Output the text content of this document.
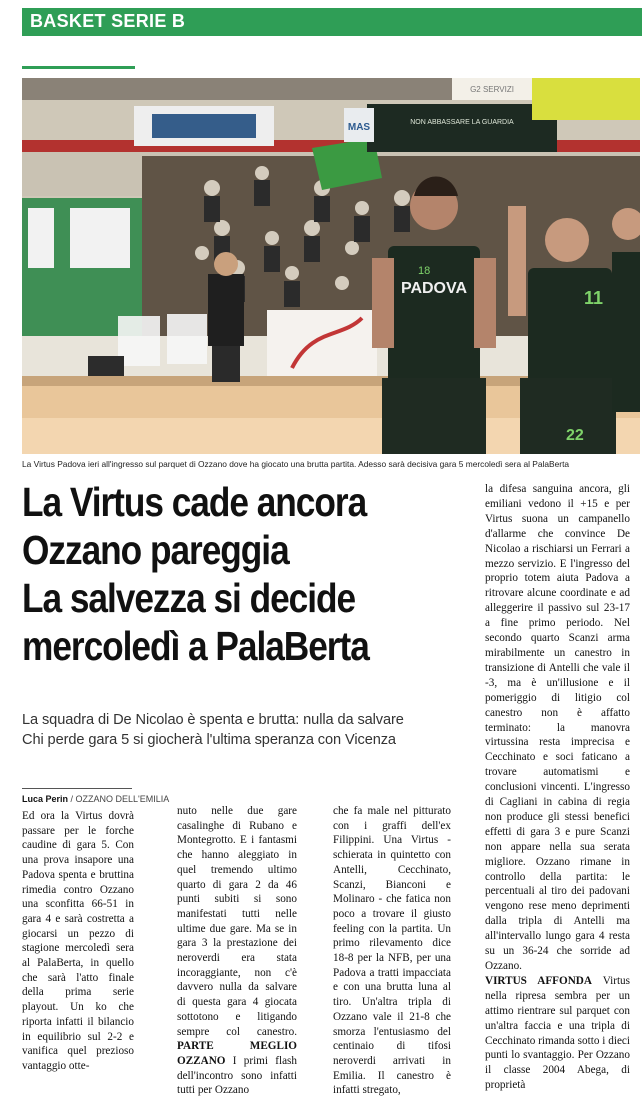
BASKET SERIE B
NON ABBASSARE LA GUARDIA
MAS
G2 SERVIZI
PADOVA
18
11
22
La Virtus Padova ieri all'ingresso sul parquet di Ozzano dove ha giocato una brutta partita. Adesso sarà decisiva gara 5 mercoledì sera al PalaBerta
La Virtus cade ancora
Ozzano pareggia
La salvezza si decide
mercoledì a PalaBerta
La squadra di De Nicolao è spenta e brutta: nulla da salvare
Chi perde gara 5 si giocherà l'ultima speranza con Vicenza
Luca Perin / OZZANO DELL'EMILIA

Ed ora la Virtus dovrà passare per le forche caudine di gara 5. Con una prova insapore una Padova spenta e bruttina rimedia contro Ozzano una sconfitta 66-51 in gara 4 e sarà costretta a giocarsi un pezzo di stagione mercoledì sera al PalaBerta, in quello che sarà l'atto finale della prima serie playout. Un ko che riporta infatti il bilancio in equilibrio sul 2-2 e vanifica quel prezioso vantaggio otte-

nuto nelle due gare casalinghe di Rubano e Montegrotto. E i fantasmi che hanno aleggiato in quel tremendo ultimo quarto di gara 2 da 46 punti subiti si sono manifestati tutti nelle ultime due gare. Ma se in gara 3 la prestazione dei neroverdi era stata incoraggiante, non c'è davvero nulla da salvare di questa gara 4 giocata sottotono e litigando sempre col canestro. PARTE MEGLIO OZZANO I primi flash dell'incontro sono infatti tutti per Ozzano

che fa male nel pitturato con i graffi dell'ex Filippini. Una Virtus - schierata in quintetto con Antelli, Cecchinato, Scanzi, Bianconi e Molinaro - che fatica non poco a trovare il giusto feeling con la partita. Un primo rilevamento dice 18-8 per la NFB, per una Padova a tratti impacciata e con una brutta luna al tiro. Un'altra tripla di Ozzano vale il 21-8 che smorza l'entusiasmo del centinaio di tifosi neroverdi arrivati in Emilia. Il canestro è infatti stregato,

la difesa sanguina ancora, gli emiliani vedono il +15 e per Virtus suona un campanello d'allarme che convince De Nicolao a rischiarsi un Ferrari a mezzo servizio. E l'ingresso del proprio totem aiuta Padova a ritrovare alcune coordinate e ad alleggerire il passivo sul 23-17 a fine primo periodo. Nel secondo quarto Scanzi arma mirabilmente un canestro in transizione di Antelli che vale il -3, ma è un'illusione e il pomeriggio di litigio col canestro non è affatto terminato: la manovra virtussina resta imprecisa e Cecchinato e soci faticano a trovare automatismi e conclusioni vincenti. L'ingresso di Cagliani in cabina di regia non produce gli stessi benefici effetti di gara 3 e pure Scanzi non appare nella sua serata migliore. Ozzano rimane in controllo della partita: le percentuali al tiro dei padovani vengono rese meno deprimenti dalla tripla di Antelli ma all'intervallo lungo gara 4 resta su un 36-24 che sorride ad Ozzano.
VIRTUS AFFONDA Virtus nella ripresa sembra per un attimo rientrare sul parquet con un'altra faccia e una tripla di Cecchinato rimanda sotto i dieci punti lo svantaggio. Per Ozzano il classe 2004 Abega, di proprietà
